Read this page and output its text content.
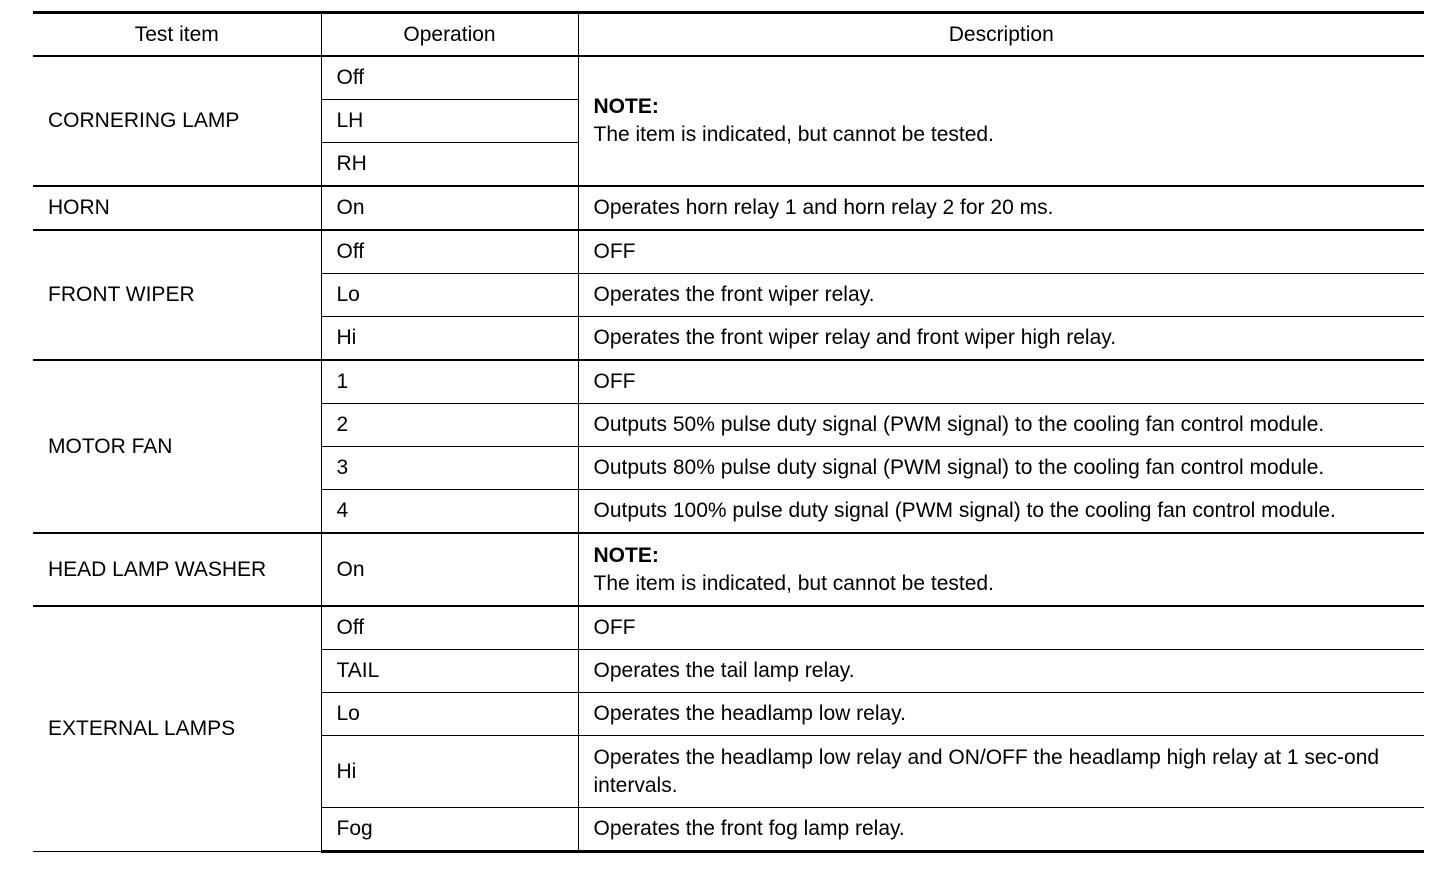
Test item	Operation	Description
CORNERING LAMP	Off	NOTE:
The item is indicated, but cannot be tested.

	LH	
	RH	
HORN	On	Operates horn relay 1 and horn relay 2 for 20 ms.
FRONT WIPER	Off	OFF
	Lo	Operates the front wiper relay.
	Hi	Operates the front wiper relay and front wiper high relay.
MOTOR FAN	1	OFF
	2	Outputs 50% pulse duty signal (PWM signal) to the cooling fan control module.
	3	Outputs 80% pulse duty signal (PWM signal) to the cooling fan control module.
	4	Outputs 100% pulse duty signal (PWM signal) to the cooling fan control module.
HEAD LAMP WASHER	On	NOTE:
The item is indicated, but cannot be tested.

EXTERNAL LAMPS	Off	OFF
	TAIL	Operates the tail lamp relay.
	Lo	Operates the headlamp low relay.
	Hi	Operates the headlamp low relay and ON/OFF the headlamp high relay at 1 sec-ond intervals.
	Fog	Operates the front fog lamp relay.
